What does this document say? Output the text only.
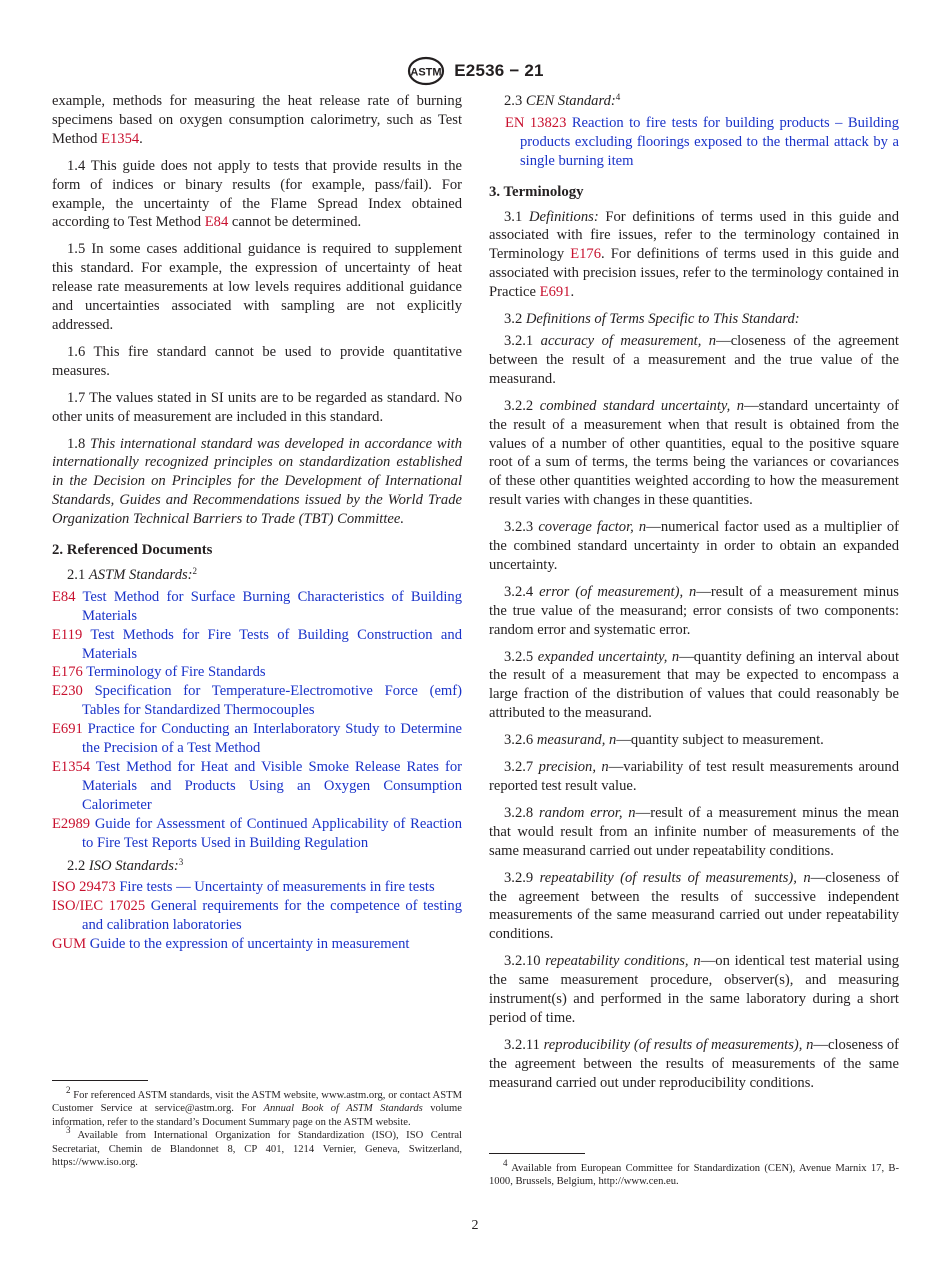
ASTM E2536 − 21

example, methods for measuring the heat release rate of burning specimens based on oxygen consumption calorimetry, such as Test Method E1354.

1.4 This guide does not apply to tests that provide results in the form of indices or binary results (for example, pass/fail). For example, the uncertainty of the Flame Spread Index obtained according to Test Method E84 cannot be determined.

1.5 In some cases additional guidance is required to supplement this standard. For example, the expression of uncertainty of heat release rate measurements at low levels requires additional guidance and uncertainties associated with sampling are not explicitly addressed.

1.6 This fire standard cannot be used to provide quantitative measures.

1.7 The values stated in SI units are to be regarded as standard. No other units of measurement are included in this standard.

1.8 This international standard was developed in accordance with internationally recognized principles on standardization established in the Decision on Principles for the Development of International Standards, Guides and Recommendations issued by the World Trade Organization Technical Barriers to Trade (TBT) Committee.

2. Referenced Documents

2.1 ASTM Standards:$^2$

E84 Test Method for Surface Burning Characteristics of Building Materials

E119 Test Methods for Fire Tests of Building Construction and Materials

E176 Terminology of Fire Standards

E230 Specification for Temperature-Electromotive Force (emf) Tables for Standardized Thermocouples

E691 Practice for Conducting an Interlaboratory Study to Determine the Precision of a Test Method

E1354 Test Method for Heat and Visible Smoke Release Rates for Materials and Products Using an Oxygen Consumption Calorimeter

E2989 Guide for Assessment of Continued Applicability of Reaction to Fire Test Reports Used in Building Regulation

2.2 ISO Standards:$^3$

ISO 29473 Fire tests — Uncertainty of measurements in fire tests

ISO/IEC 17025 General requirements for the competence of testing and calibration laboratories

GUM Guide to the expression of uncertainty in measurement

$^2$ For referenced ASTM standards, visit the ASTM website, www.astm.org, or contact ASTM Customer Service at service@astm.org. For Annual Book of ASTM Standards volume information, refer to the standard’s Document Summary page on the ASTM website.

$^3$ Available from International Organization for Standardization (ISO), ISO Central Secretariat, Chemin de Blandonnet 8, CP 401, 1214 Vernier, Geneva, Switzerland, https://www.iso.org.

2.3 CEN Standard:$^4$

EN 13823 Reaction to fire tests for building products – Building products excluding floorings exposed to the thermal attack by a single burning item

3. Terminology

3.1 Definitions: For definitions of terms used in this guide and associated with fire issues, refer to the terminology contained in Terminology E176. For definitions of terms used in this guide and associated with precision issues, refer to the terminology contained in Practice E691.

3.2 Definitions of Terms Specific to This Standard:

3.2.1 accuracy of measurement, n—closeness of the agreement between the result of a measurement and the true value of the measurand.

3.2.2 combined standard uncertainty, n—standard uncertainty of the result of a measurement when that result is obtained from the values of a number of other quantities, equal to the positive square root of a sum of terms, the terms being the variances or covariances of these other quantities weighted according to how the measurement result varies with changes in these quantities.

3.2.3 coverage factor, n—numerical factor used as a multiplier of the combined standard uncertainty in order to obtain an expanded uncertainty.

3.2.4 error (of measurement), n—result of a measurement minus the true value of the measurand; error consists of two components: random error and systematic error.

3.2.5 expanded uncertainty, n—quantity defining an interval about the result of a measurement that may be expected to encompass a large fraction of the distribution of values that could reasonably be attributed to the measurand.

3.2.6 measurand, n—quantity subject to measurement.

3.2.7 precision, n—variability of test result measurements around reported test result value.

3.2.8 random error, n—result of a measurement minus the mean that would result from an infinite number of measurements of the same measurand carried out under repeatability conditions.

3.2.9 repeatability (of results of measurements), n—closeness of the agreement between the results of successive independent measurements of the same measurand carried out under repeatability conditions.

3.2.10 repeatability conditions, n—on identical test material using the same measurement procedure, observer(s), and measuring instrument(s) and performed in the same laboratory during a short period of time.

3.2.11 reproducibility (of results of measurements), n—closeness of the agreement between the results of measurements of the same measurand carried out under reproducibility conditions.

$^4$ Available from European Committee for Standardization (CEN), Avenue Marnix 17, B-1000, Brussels, Belgium, http://www.cen.eu.

2
